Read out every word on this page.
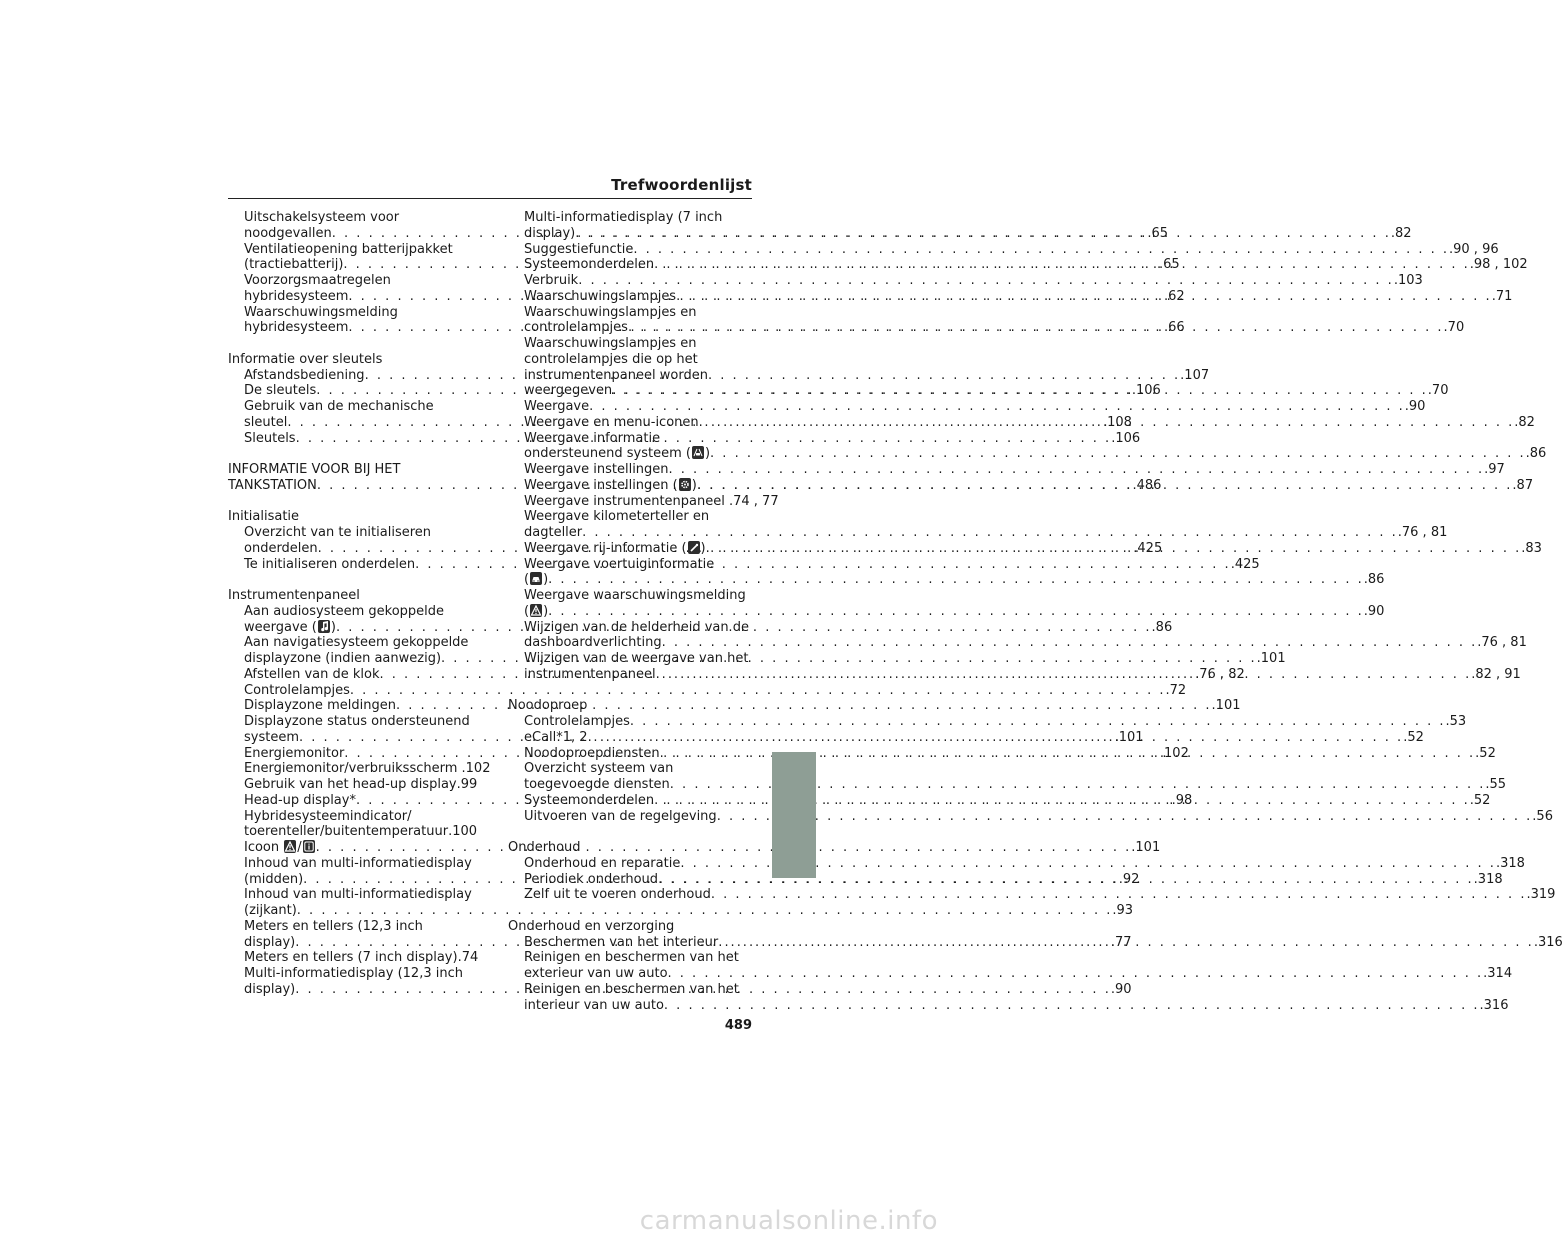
Trefwoordenlijst
Uitschakelsysteem voor
noodgevallen . . .	.65
Ventilatieopening batterijpakket
(tractiebatterij) . . .	.65
Voorzorgsmaatregelen
hybridesysteem . . .	.62
Waarschuwingsmelding
hybridesysteem . . .	.66
Informatie over sleutels
Afstandsbediening . . .	.107
De sleutels . . .	.106
Gebruik van de mechanische
sleutel . . .	.108
Sleutels . . .	.106
INFORMATIE VOOR BIJ HET
TANKSTATION . . .	.486
Initialisatie
Overzicht van te initialiseren
onderdelen . . .	.425
Te initialiseren onderdelen . . .	.425
Instrumentenpaneel
Aan audiosysteem gekoppelde
weergave ( ) . . .	.86
Aan navigatiesysteem gekoppelde
displayzone (indien aanwezig) . . .	.101
Afstellen van de klok . . .	.76 , 82
Controlelampjes . . .	.72
Displayzone meldingen . . .	.101
Displayzone status ondersteunend
systeem . . .	.101
Energiemonitor . . .	.102
Energiemonitor/verbruiksscherm .102
Gebruik van het head-up display .99
Head-up display* . . .	.98
Hybridesysteemindicator/
toerenteller/buitentemperatuur .100
Icoon
/ . . .	.101
Inhoud van multi-informatiedisplay
(midden) . . .	.92
Inhoud van multi-informatiedisplay
(zijkant) . . .	.93
Meters en tellers (12,3 inch
display) . . .	.77
Meters en tellers (7 inch display) .74
Multi-informatiedisplay (12,3 inch
display) . . .	.90
Multi-informatiedisplay (7 inch
display) . . .	.82
Suggestiefunctie . . .	.90 , 96
Systeemonderdelen . . .	.98 , 102
Verbruik . . .	.103
Waarschuwingslampjes . . .	.71
Waarschuwingslampjes en
controlelampjes . . .	.70
Waarschuwingslampjes en
controlelampjes die op het
instrumentenpaneel worden
weergegeven . . .	.70
Weergave . . .	.90
Weergave en menu-iconen . . .	.82
Weergave informatie
ondersteunend systeem ( ) . . .	.86
Weergave instellingen . . .	.97
Weergave instellingen ( ) . . .	.87
Weergave instrumentenpaneel .74 , 77
Weergave kilometerteller en
dagteller . . .	.76 , 81
Weergave rij-informatie ( ) . . .	.83
Weergave voertuiginformatie
( ) . . .	.86
Weergave waarschuwingsmelding
( ) . . .	.90
Wijzigen van de helderheid van de
dashboardverlichting . . .	.76 , 81
Wijzigen van de weergave van het
instrumentenpaneel . . .	.82 , 91
Noodoproep
Controlelampjes . . .	.53
eCall*1, 2 . . .	.52
Noodoproepdiensten . . .	.52
Overzicht systeem van
toegevoegde diensten . . .	.55
Systeemonderdelen . . .	.52
Uitvoeren van de regelgeving . . .	.56
Onderhoud
Onderhoud en reparatie . . .	.318
Periodiek onderhoud . . .	.318
Zelf uit te voeren onderhoud . . .	.319
Onderhoud en verzorging
Beschermen van het interieur . . .	.316
Reinigen en beschermen van het
exterieur van uw auto . . .	.314
Reinigen en beschermen van het
interieur van uw auto . . .	.316
489
carmanualsonline.info
